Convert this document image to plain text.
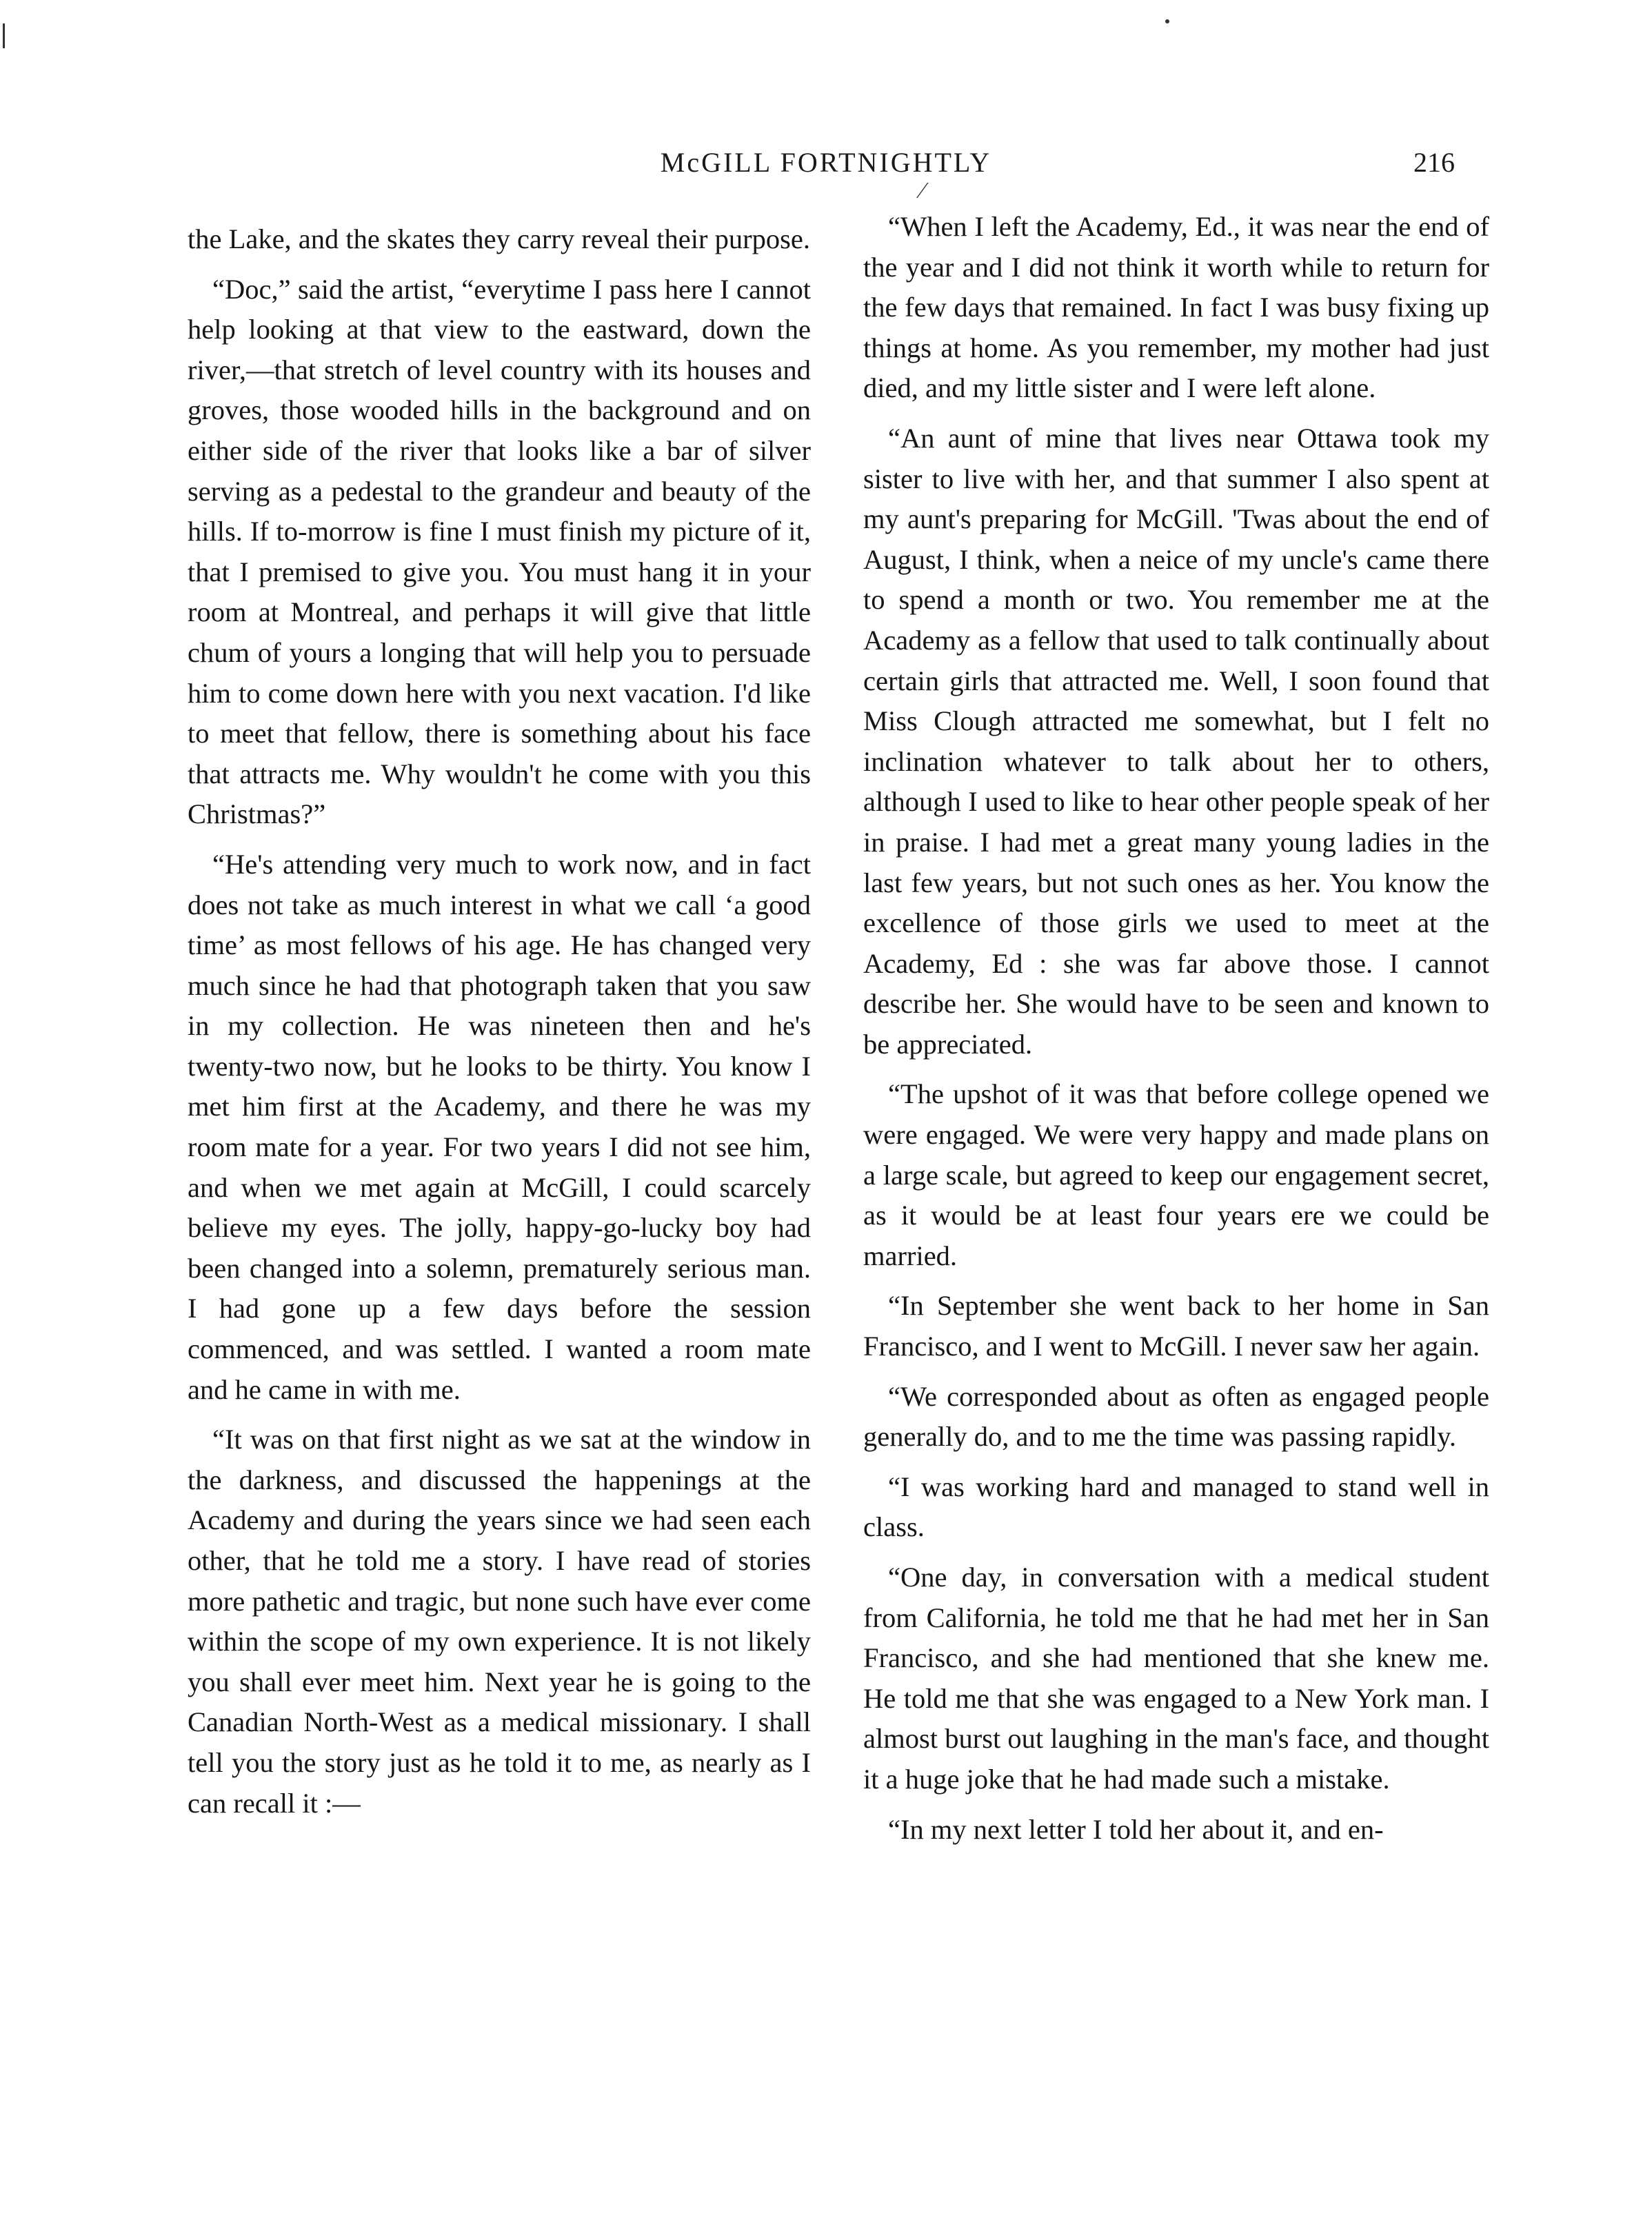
⁄
McGILL FORTNIGHTLY	216

the Lake, and the skates they carry reveal their purpose.

“Doc,” said the artist, “everytime I pass here I cannot help looking at that view to the eastward, down the river,—that stretch of level country with its houses and groves, those wooded hills in the background and on either side of the river that looks like a bar of silver serving as a pedestal to the grandeur and beauty of the hills. If to-morrow is fine I must finish my picture of it, that I premised to give you. You must hang it in your room at Montreal, and perhaps it will give that little chum of yours a longing that will help you to persuade him to come down here with you next vacation. I'd like to meet that fellow, there is something about his face that attracts me. Why wouldn't he come with you this Christmas?”

“He's attending very much to work now, and in fact does not take as much interest in what we call ‘a good time’ as most fellows of his age. He has changed very much since he had that photograph taken that you saw in my collection. He was nineteen then and he's twenty-two now, but he looks to be thirty. You know I met him first at the Academy, and there he was my room mate for a year. For two years I did not see him, and when we met again at McGill, I could scarcely believe my eyes. The jolly, happy-go-lucky boy had been changed into a solemn, prematurely serious man. I had gone up a few days before the session commenced, and was settled. I wanted a room mate and he came in with me.

“It was on that first night as we sat at the window in the darkness, and discussed the happenings at the Academy and during the years since we had seen each other, that he told me a story. I have read of stories more pathetic and tragic, but none such have ever come within the scope of my own experience. It is not likely you shall ever meet him. Next year he is going to the Canadian North-West as a medical missionary. I shall tell you the story just as he told it to me, as nearly as I can recall it :—

“When I left the Academy, Ed., it was near the end of the year and I did not think it worth while to return for the few days that remained. In fact I was busy fixing up things at home. As you remember, my mother had just died, and my little sister and I were left alone.

“An aunt of mine that lives near Ottawa took my sister to live with her, and that summer I also spent at my aunt's preparing for McGill. 'Twas about the end of August, I think, when a neice of my uncle's came there to spend a month or two. You remember me at the Academy as a fellow that used to talk continually about certain girls that attracted me. Well, I soon found that Miss Clough attracted me somewhat, but I felt no inclination whatever to talk about her to others, although I used to like to hear other people speak of her in praise. I had met a great many young ladies in the last few years, but not such ones as her. You know the excellence of those girls we used to meet at the Academy, Ed : she was far above those. I cannot describe her. She would have to be seen and known to be appreciated.

“The upshot of it was that before college opened we were engaged. We were very happy and made plans on a large scale, but agreed to keep our engagement secret, as it would be at least four years ere we could be married.

“In September she went back to her home in San Francisco, and I went to McGill. I never saw her again.

“We corresponded about as often as engaged people generally do, and to me the time was passing rapidly.

“I was working hard and managed to stand well in class.

“One day, in conversation with a medical student from California, he told me that he had met her in San Francisco, and she had mentioned that she knew me. He told me that she was engaged to a New York man. I almost burst out laughing in the man's face, and thought it a huge joke that he had made such a mistake.

“In my next letter I told her about it, and en-
